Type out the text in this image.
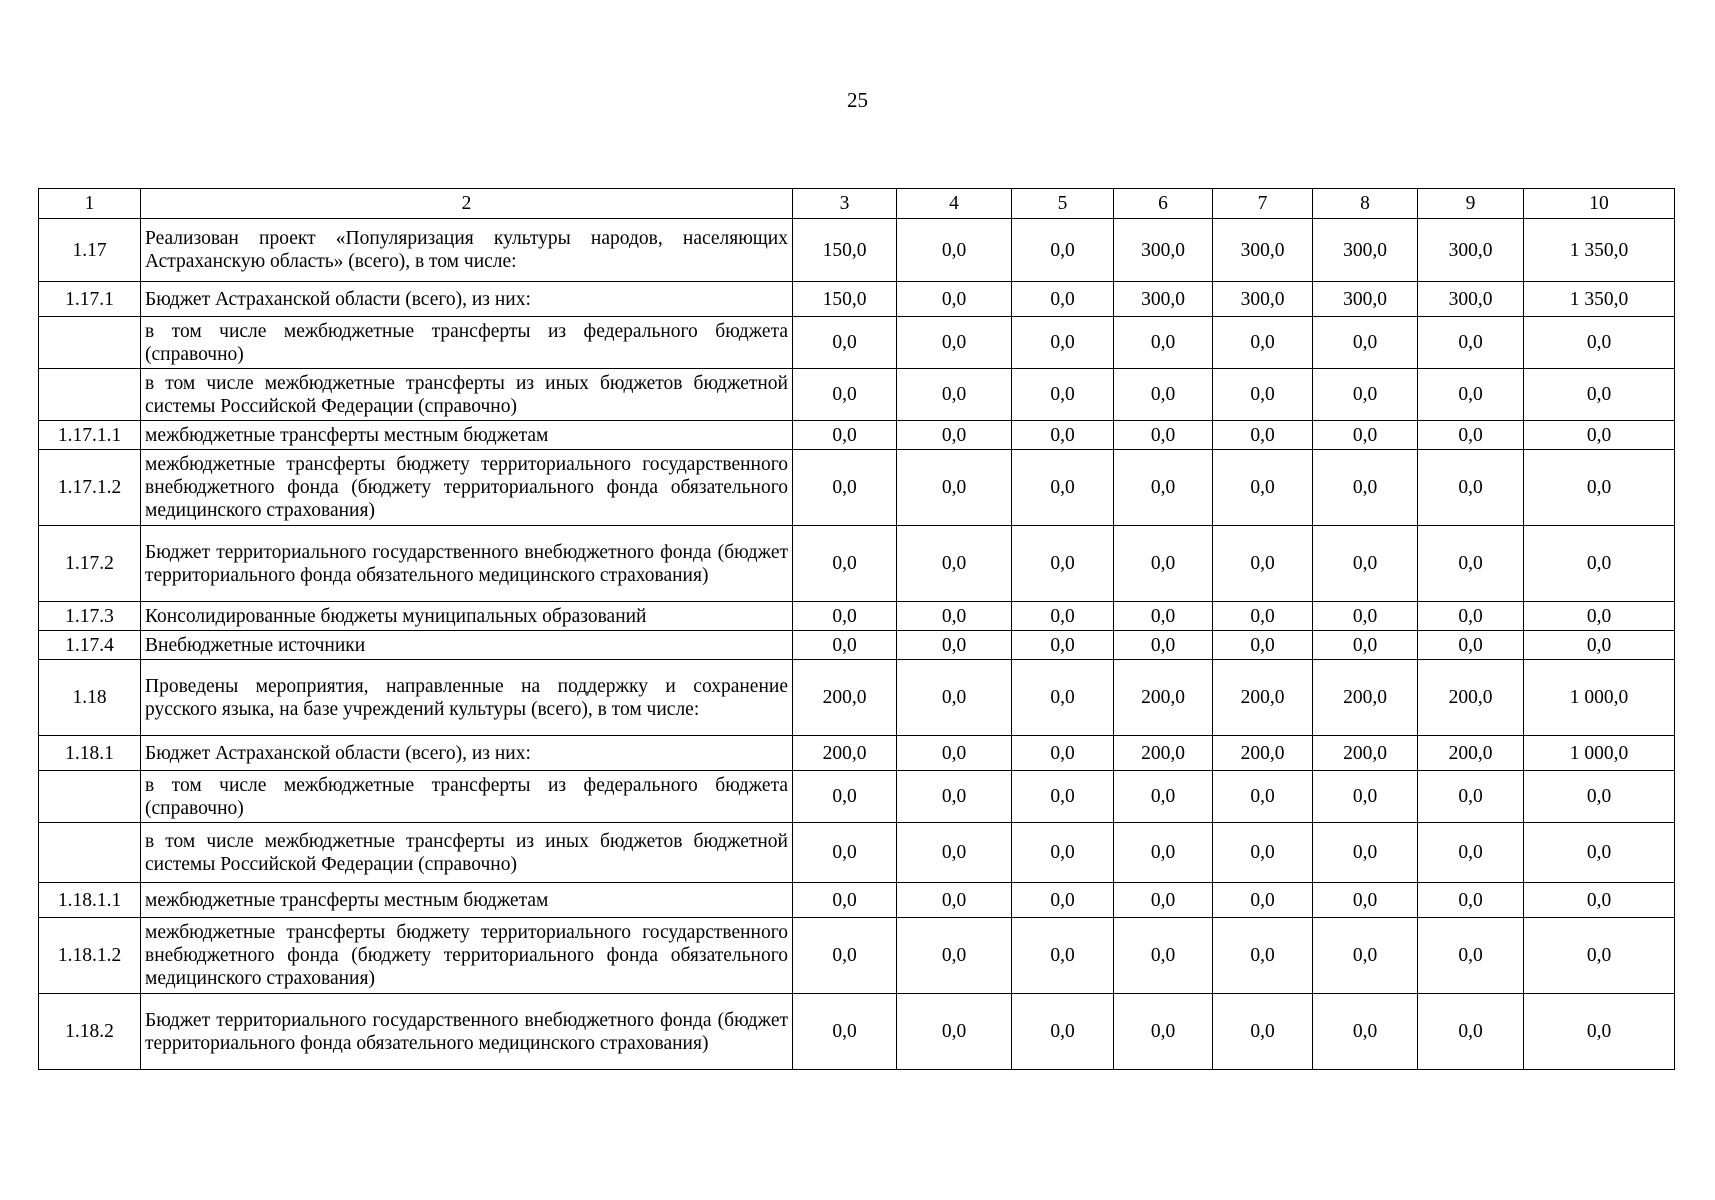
25
1	2	3	4	5	6	7	8	9	10
1.17	Реализован проект «Популяризация культуры народов, населяющих Астраханскую область» (всего), в том числе:	150,0	0,0	0,0	300,0	300,0	300,0	300,0	1 350,0
1.17.1	Бюджет Астраханской области (всего), из них:	150,0	0,0	0,0	300,0	300,0	300,0	300,0	1 350,0
	в том числе межбюджетные трансферты из федерального бюджета (справочно)	0,0	0,0	0,0	0,0	0,0	0,0	0,0	0,0
	в том числе межбюджетные трансферты из иных бюджетов бюджетной системы Российской Федерации (справочно)	0,0	0,0	0,0	0,0	0,0	0,0	0,0	0,0
1.17.1.1	межбюджетные трансферты местным бюджетам	0,0	0,0	0,0	0,0	0,0	0,0	0,0	0,0
1.17.1.2	межбюджетные трансферты бюджету территориального государственного внебюджетного фонда (бюджету территориального фонда обязательного медицинского страхования)	0,0	0,0	0,0	0,0	0,0	0,0	0,0	0,0
1.17.2	Бюджет территориального государственного внебюджетного фонда (бюджет территориального фонда обязательного медицинского страхования)	0,0	0,0	0,0	0,0	0,0	0,0	0,0	0,0
1.17.3	Консолидированные бюджеты муниципальных образований	0,0	0,0	0,0	0,0	0,0	0,0	0,0	0,0
1.17.4	Внебюджетные источники	0,0	0,0	0,0	0,0	0,0	0,0	0,0	0,0
1.18	Проведены мероприятия, направленные на поддержку и сохранение русского языка, на базе учреждений культуры (всего), в том числе:	200,0	0,0	0,0	200,0	200,0	200,0	200,0	1 000,0
1.18.1	Бюджет Астраханской области (всего), из них:	200,0	0,0	0,0	200,0	200,0	200,0	200,0	1 000,0
	в том числе межбюджетные трансферты из федерального бюджета (справочно)	0,0	0,0	0,0	0,0	0,0	0,0	0,0	0,0
	в том числе межбюджетные трансферты из иных бюджетов бюджетной системы Российской Федерации (справочно)	0,0	0,0	0,0	0,0	0,0	0,0	0,0	0,0
1.18.1.1	межбюджетные трансферты местным бюджетам	0,0	0,0	0,0	0,0	0,0	0,0	0,0	0,0
1.18.1.2	межбюджетные трансферты бюджету территориального государственного внебюджетного фонда (бюджету территориального фонда обязательного медицинского страхования)	0,0	0,0	0,0	0,0	0,0	0,0	0,0	0,0
1.18.2	Бюджет территориального государственного внебюджетного фонда (бюджет территориального фонда обязательного медицинского страхования)	0,0	0,0	0,0	0,0	0,0	0,0	0,0	0,0
